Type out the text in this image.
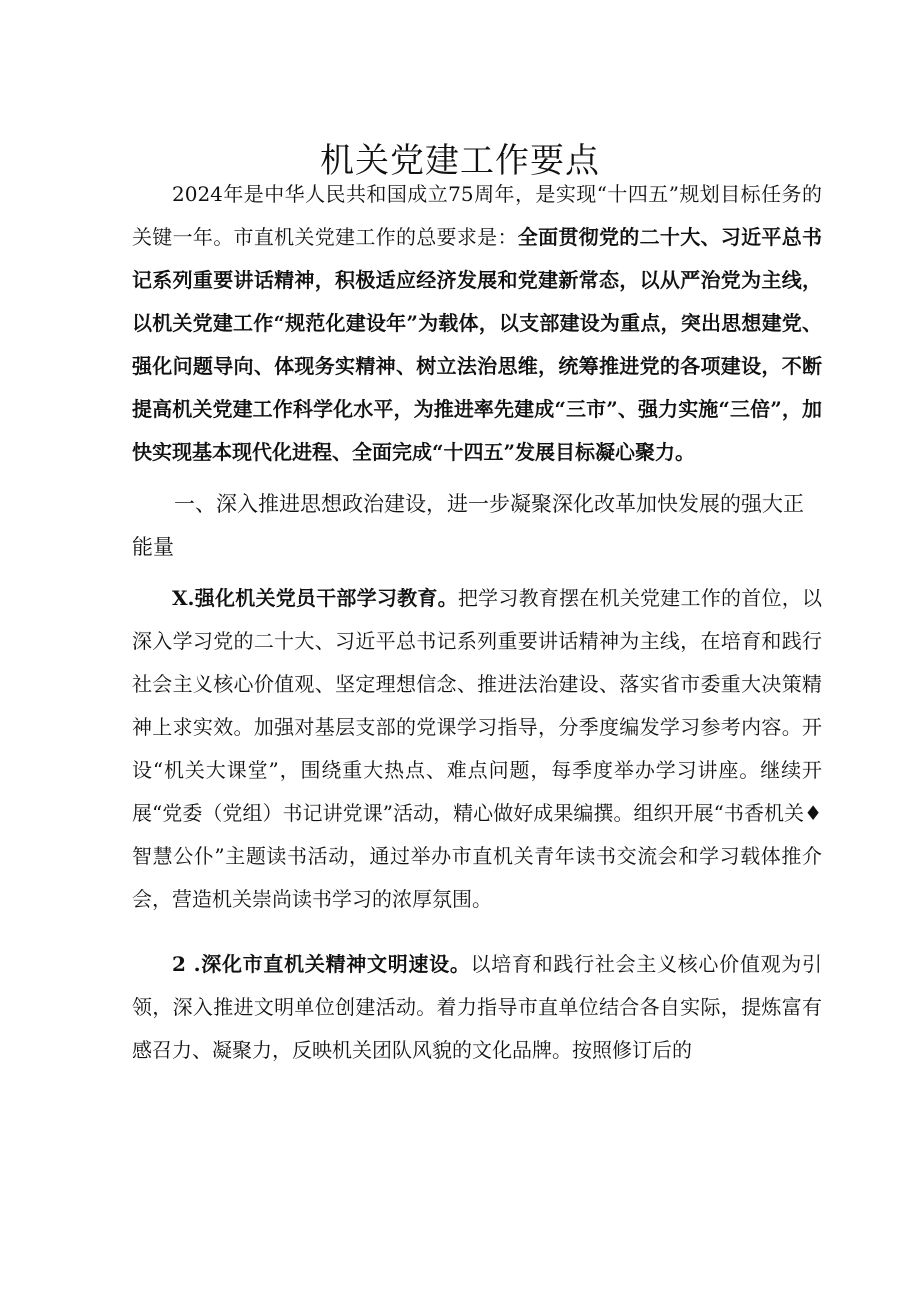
机关党建工作要点

2024年是中华人民共和国成立75周年，是实现“十四五”规划目标任务的关键一年。市直机关党建工作的总要求是：全面贯彻党的二十大、习近平总书记系列重要讲话精神，积极适应经济发展和党建新常态，以从严治党为主线，以机关党建工作“规范化建设年”为载体，以支部建设为重点，突出思想建党、强化问题导向、体现务实精神、树立法治思维，统筹推进党的各项建设，不断提高机关党建工作科学化水平，为推进率先建成“三市”、强力实施“三倍”，加快实现基本现代化进程、全面完成“十四五”发展目标凝心聚力。

一、深入推进思想政治建设，进一步凝聚深化改革加快发展的强大正能量

X.强化机关党员干部学习教育。把学习教育摆在机关党建工作的首位，以深入学习党的二十大、习近平总书记系列重要讲话精神为主线，在培育和践行社会主义核心价值观、坚定理想信念、推进法治建设、落实省市委重大决策精神上求实效。加强对基层支部的党课学习指导，分季度编发学习参考内容。开设“机关大课堂”，围绕重大热点、难点问题，每季度举办学习讲座。继续开展“党委（党组）书记讲党课”活动，精心做好成果编撰。组织开展“书香机关♦智慧公仆”主题读书活动，通过举办市直机关青年读书交流会和学习载体推介会，营造机关崇尚读书学习的浓厚氛围。

2 .深化市直机关精神文明速设。以培育和践行社会主义核心价值观为引领，深入推进文明单位创建活动。着力指导市直单位结合各自实际，提炼富有感召力、凝聚力，反映机关团队风貌的文化品牌。按照修订后的
